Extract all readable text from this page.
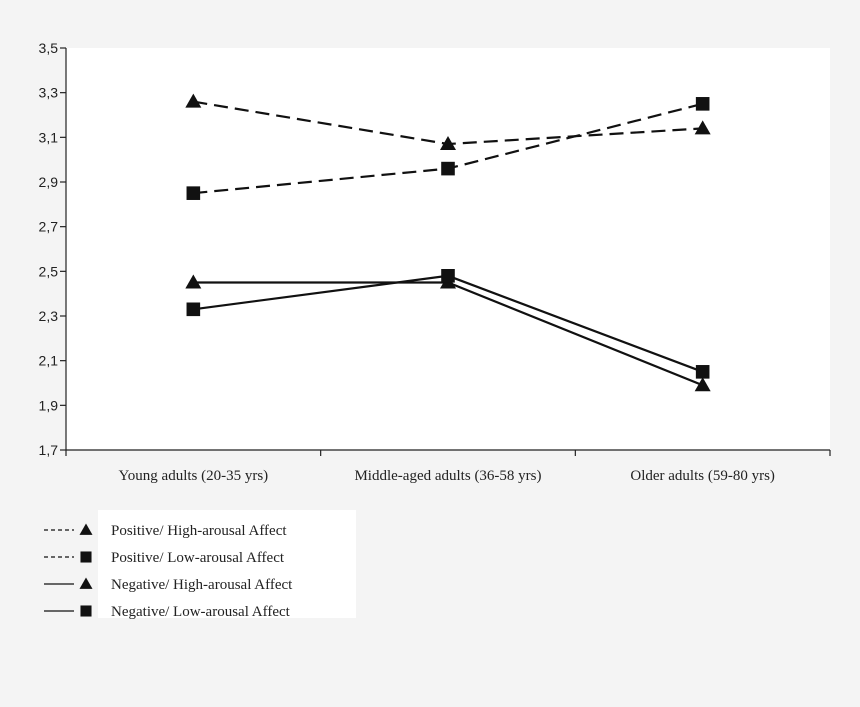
1,7
1,9
2,1
2,3
2,5
2,7
2,9
3,1
3,3
3,5
Young adults (20-35 yrs)	Middle-aged adults (36-58 yrs)	Older adults (59-80 yrs)
Positive/ High-arousal Affect
Positive/ Low-arousal Affect
Negative/ High-arousal Affect
Negative/ Low-arousal Affect
